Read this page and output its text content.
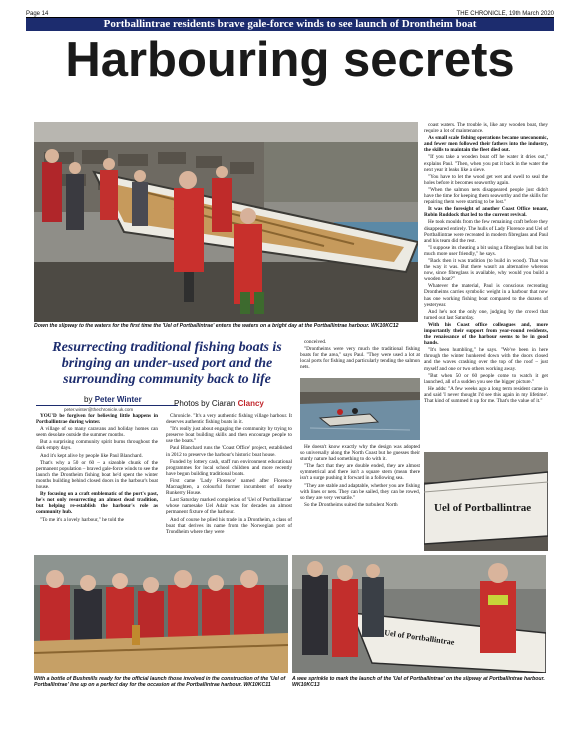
Page 14	THE CHRONICLE, 19th March 2020
Portballintrae residents brave gale-force winds to see launch of Drontheim boat
Harbouring secrets
Down the slipway to the waters for the first time the 'Uel of Portballintrae' enters the waters on a bright day at the Portballintrae harbour. WK10KC12
Resurrecting traditional fishing boats is bringing an under-used port and the surrounding community back to life
by Peter Winter
peter.winter@thechronicle.uk.com
Photos by Ciaran Clancy

YOU'D be forgiven for believing little happens in Portballintrae during winter.

A village of so many caravans and holiday homes can seem desolate outside the summer months.

But a surprising community spirit burns throughout the dark empty days.

And it's kept alive by people like Paul Blanchard.

That's why a 50 or 60 – a sizeable chunk of the permanent population – braved gale-force winds to see the launch the Drontheim fishing boat he'd spent the winter months building behind closed doors in the harbour's boat house.

By focusing on a craft emblematic of the port's past, he's not only resurrecting an almost dead tradition, but helping re-establish the harbour's role as community hub.

"To me it's a lovely harbour," he told the

Chronicle. "It's a very authentic fishing village harbour. It deserves authentic fishing boats in it.

"It's really just about engaging the community by trying to preserve boat building skills and then encourage people to use the boats."

Paul Blanchard runs the 'Coast Office' project, established in 2012 to preserve the harbour's historic boat house.

Funded by lottery cash, staff run environment educational programmes for local school children and more recently have begun building traditional boats.

First came 'Lady Florence' named after Florence Macnaghten, a colourful former incumbent of nearby Runkerry House.

Last Saturday marked completion of 'Uel of Portballintrae' whose namesake Uel Adair was for decades an almost permanent fixture of the harbour.

And of course he plied his trade in a Drontheim, a class of boat that derives its name from the Norwegian port of Trondheim where they were

conceived.

"Drontheims were very much the traditional fishing boats for the area," says Paul. "They were used a lot at local ports for fishing and particularly tending the salmon nets.

He doesn't know exactly why the design was adopted so universally along the North Coast but he guesses their sturdy nature had something to do with it.

"The fact that they are double ended, they are almost symmetrical and there isn't a square stern (mean there isn't a surge pushing it forward in a following sea.

"They are stable and adaptable, whether you are fishing with lines or nets. They can be sailed, they can be rowed, so they are very versatile."

So the Drontheims suited the turbulent North

coast waters. The trouble is, like any wooden boat, they require a lot of maintenance.

As small scale fishing operations became uneconomic, and fewer men followed their fathers into the industry, the skills to maintain the fleet died out.

"If you take a wooden boat off he water it dries out," explains Paul. "Then, when you put it back in the water the next year it leaks like a sieve.

"You have to let the wood get wet and swell to seal the holes before it becomes seaworthy again.

"When the salmon nets disappeared people just didn't have the time for keeping them seaworthy and the skills for repairing them were starting to be lost."

It was the foresight of another Coast Office tenant, Robin Ruddock that led to the current revival.

He took moulds from the few remaining craft before they disappeared entirely. The hulls of Lady Florence and Uel of Portballintrae were recreated in modern fibreglass and Paul and his team did the rest.

"I suppose its cheating a bit using a fibreglass hull but its much more user friendly," he says.

"Back then it was tradition (to build in wood). That was the way it was. But there wasn't an alternative whereas now, since fibreglass is available, why would you build a wooden boat?"

Whatever the material, Paul is conscious recreating Drontheims carries symbolic weight in a harbour that now has one working fishing boat compared to the dozens of yesteryear.

And he's not the only one, judging by the crowd that turned out last Saturday.

With his Coast office colleagues and, more importantly their support from year-round residents, the renaissance of the harbour seems to be in good hands.

"It's been humbling," he says. "We've been in here through the winter hunkered down with the doors closed and the waves crashing over the top of the roof – just myself and one or two others working away.

"But when 50 or 60 people come to watch it get launched, all of a sudden you see the bigger picture."

He adds: "A few weeks ago a long term resident came in and said 'I never thought I'd see this again in my lifetime'. That kind of summed it up for me. That's the value of it."

Uel of Portballintrae
With a bottle of Bushmills ready for the official launch those involved in the construction of the 'Uel of Portballintrae' line up on a perfect day for the occasion at the Portballintrae harbour. WK10KC11
Uel of Portballintrae
A wee sprinkle to mark the launch of the 'Uel of Portballintrae' on the slipway at Portballintrae harbour. WK10KC13
